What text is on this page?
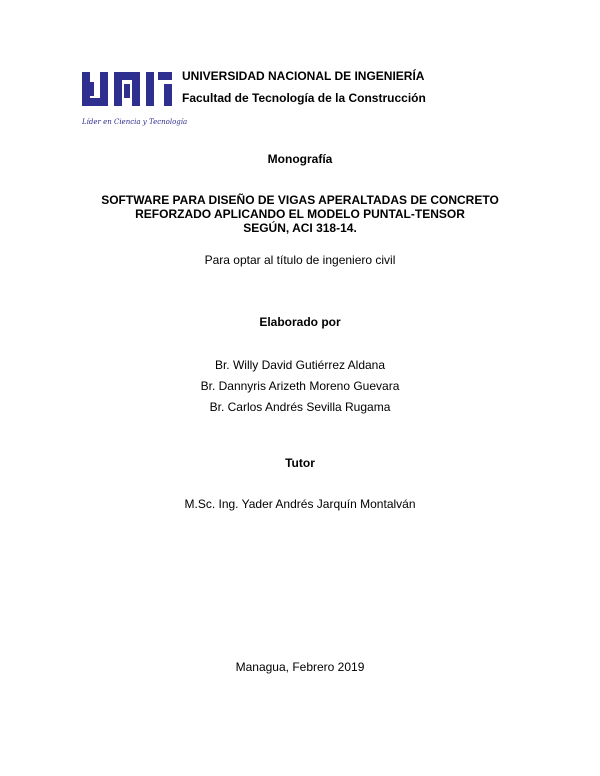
Líder en Ciencia y Tecnología
UNIVERSIDAD NACIONAL DE INGENIERÍA
Facultad de Tecnología de la Construcción
Monografía
SOFTWARE PARA DISEÑO DE VIGAS APERALTADAS DE CONCRETO
REFORZADO APLICANDO EL MODELO PUNTAL-TENSOR
SEGÚN, ACI 318-14.
Para optar al título de ingeniero civil
Elaborado por
Br. Willy David Gutiérrez Aldana
Br. Dannyris Arizeth Moreno Guevara
Br. Carlos Andrés Sevilla Rugama
Tutor
M.Sc. Ing. Yader Andrés Jarquín Montalván
Managua, Febrero 2019
